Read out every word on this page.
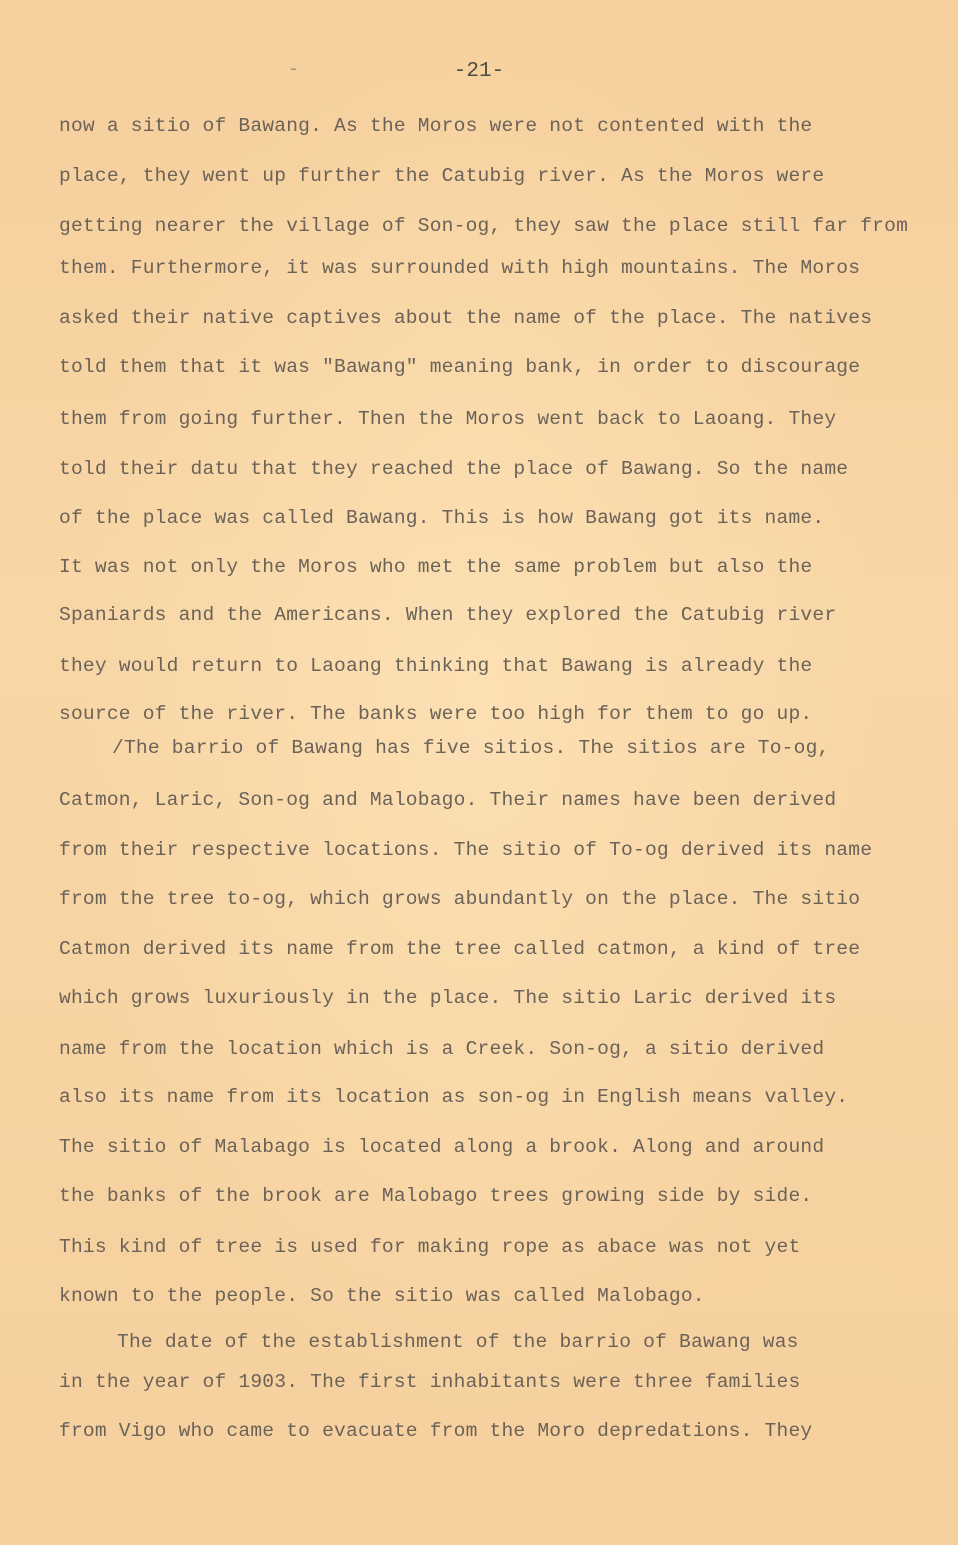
-	-21-
now a sitio of Bawang. As the Moros were not contented with the
place, they went up further the Catubig river. As the Moros were
getting nearer the village of Son-og, they saw the place still far from
them. Furthermore, it was surrounded with high mountains. The Moros
asked their native captives about the name of the place. The natives
told them that it was "Bawang" meaning bank, in order to discourage
them from going further. Then the Moros went back to Laoang. They
told their datu that they reached the place of Bawang. So the name
of the place was called Bawang. This is how Bawang got its name.
It was not only the Moros who met the same problem but also the
Spaniards and the Americans. When they explored the Catubig river
they would return to Laoang thinking that Bawang is already the
source of the river. The banks were too high for them to go up.
/The barrio of Bawang has five sitios. The sitios are To-og,
Catmon, Laric, Son-og and Malobago. Their names have been derived
from their respective locations. The sitio of To-og derived its name
from the tree to-og, which grows abundantly on the place. The sitio
Catmon derived its name from the tree called catmon, a kind of tree
which grows luxuriously in the place. The sitio Laric derived its
name from the location which is a Creek. Son-og, a sitio derived
also its name from its location as son-og in English means valley.
The sitio of Malabago is located along a brook. Along and around
the banks of the brook are Malobago trees growing side by side.
This kind of tree is used for making rope as abace was not yet
known to the people. So the sitio was called Malobago.
The date of the establishment of the barrio of Bawang was
in the year of 1903. The first inhabitants were three families
from Vigo who came to evacuate from the Moro depredations. They
